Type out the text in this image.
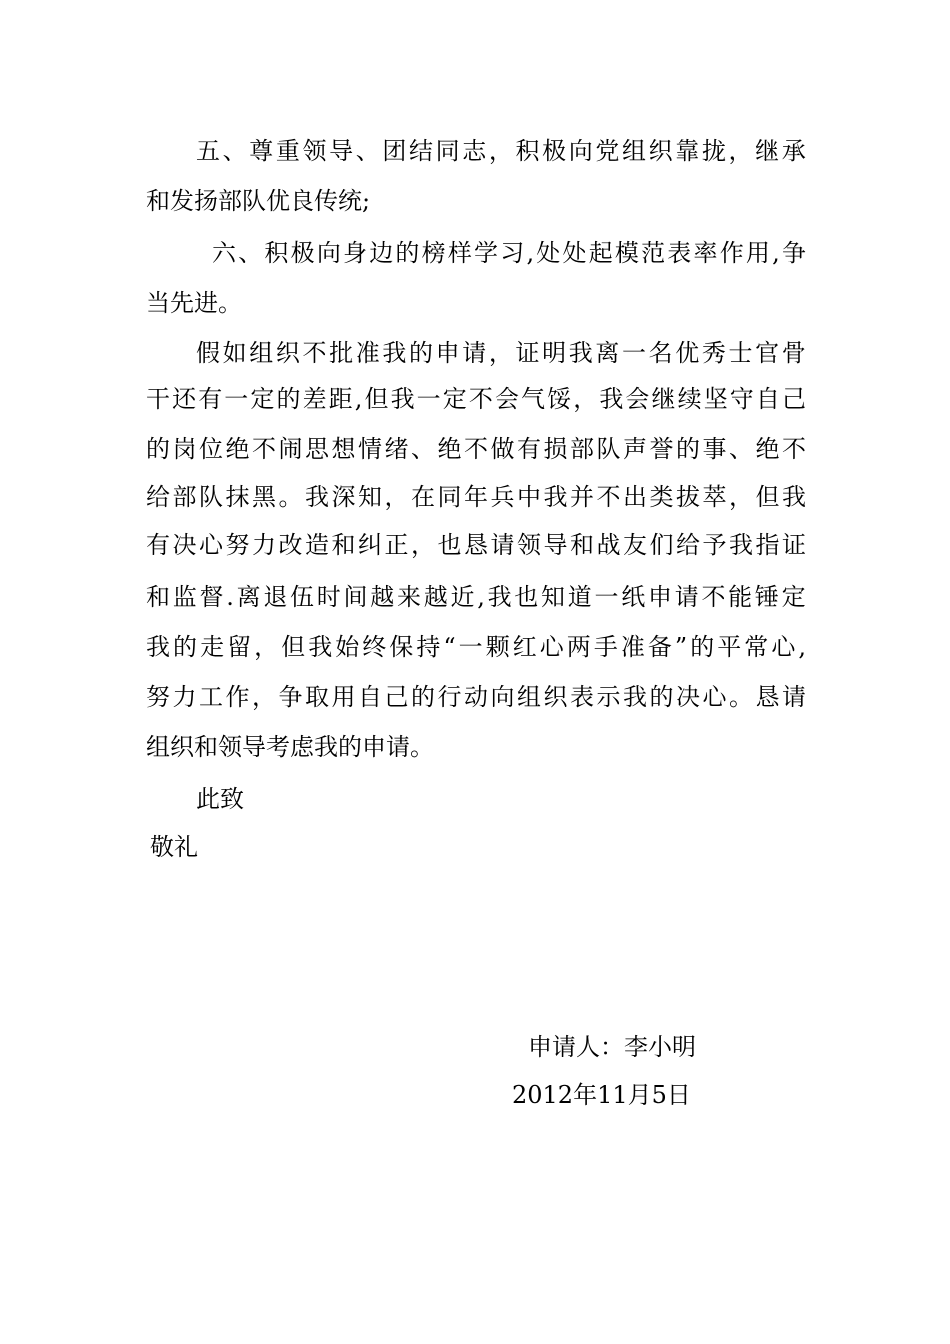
五 、 尊 重 领 导 、 团 结 同 志 ， 积 极 向 党 组 织 靠 拢 ， 继 承
和发扬部队优良传统;
六 、 积 极 向 身 边 的 榜 样 学 习 , 处 处 起 模 范 表 率 作 用 , 争
当先进。
假 如 组 织 不 批 准 我 的 申 请 ， 证 明 我 离 一 名 优 秀 士 官 骨
干 还 有 一 定 的 差 距 , 但 我 一 定 不 会 气 馁 ， 我 会 继 续 坚 守 自 己
的 岗 位 绝 不 闹 思 想 情 绪 、 绝 不 做 有 损 部 队 声 誉 的 事 、 绝 不
给 部 队 抹 黑 。 我 深 知 ， 在 同 年 兵 中 我 并 不 出 类 拔 萃 ， 但 我
有 决 心 努 力 改 造 和 纠 正 ， 也 恳 请 领 导 和 战 友 们 给 予 我 指 证
和 监 督 . 离 退 伍 时 间 越 来 越 近 , 我 也 知 道 一 纸 申 请 不 能 锤 定
我 的 走 留 ， 但 我 始 终 保 持 “ 一 颗 红 心 两 手 准 备 ” 的 平 常 心 ,
努 力 工 作 ， 争 取 用 自 己 的 行 动 向 组 织 表 示 我 的 决 心 。 恳 请
组织和领导考虑我的申请。
此致
敬礼
申请人：李小明
2012年11月5日
